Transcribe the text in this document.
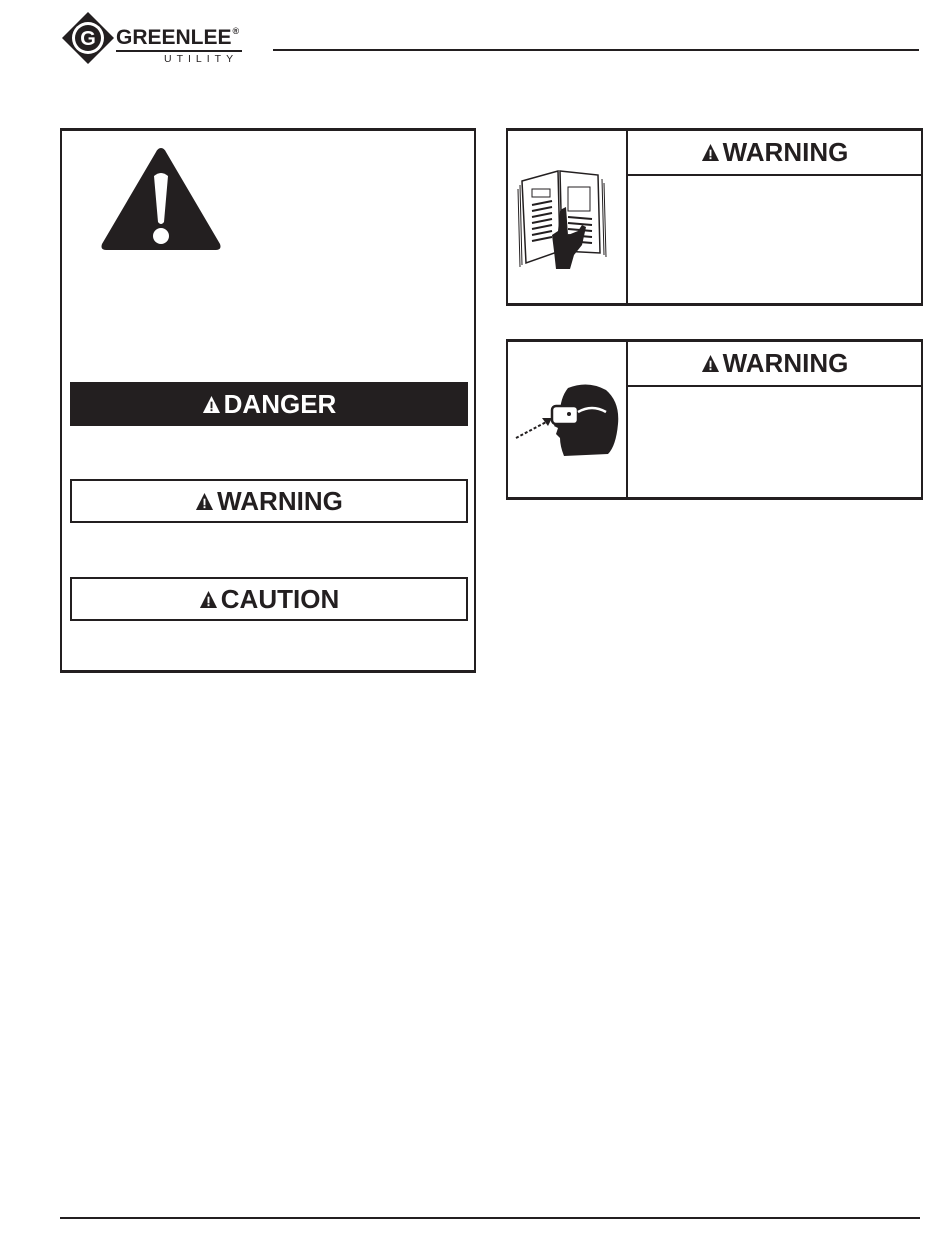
G GREENLEE®
UTILITY
DANGER
WARNING
CAUTION
WARNING
WARNING
